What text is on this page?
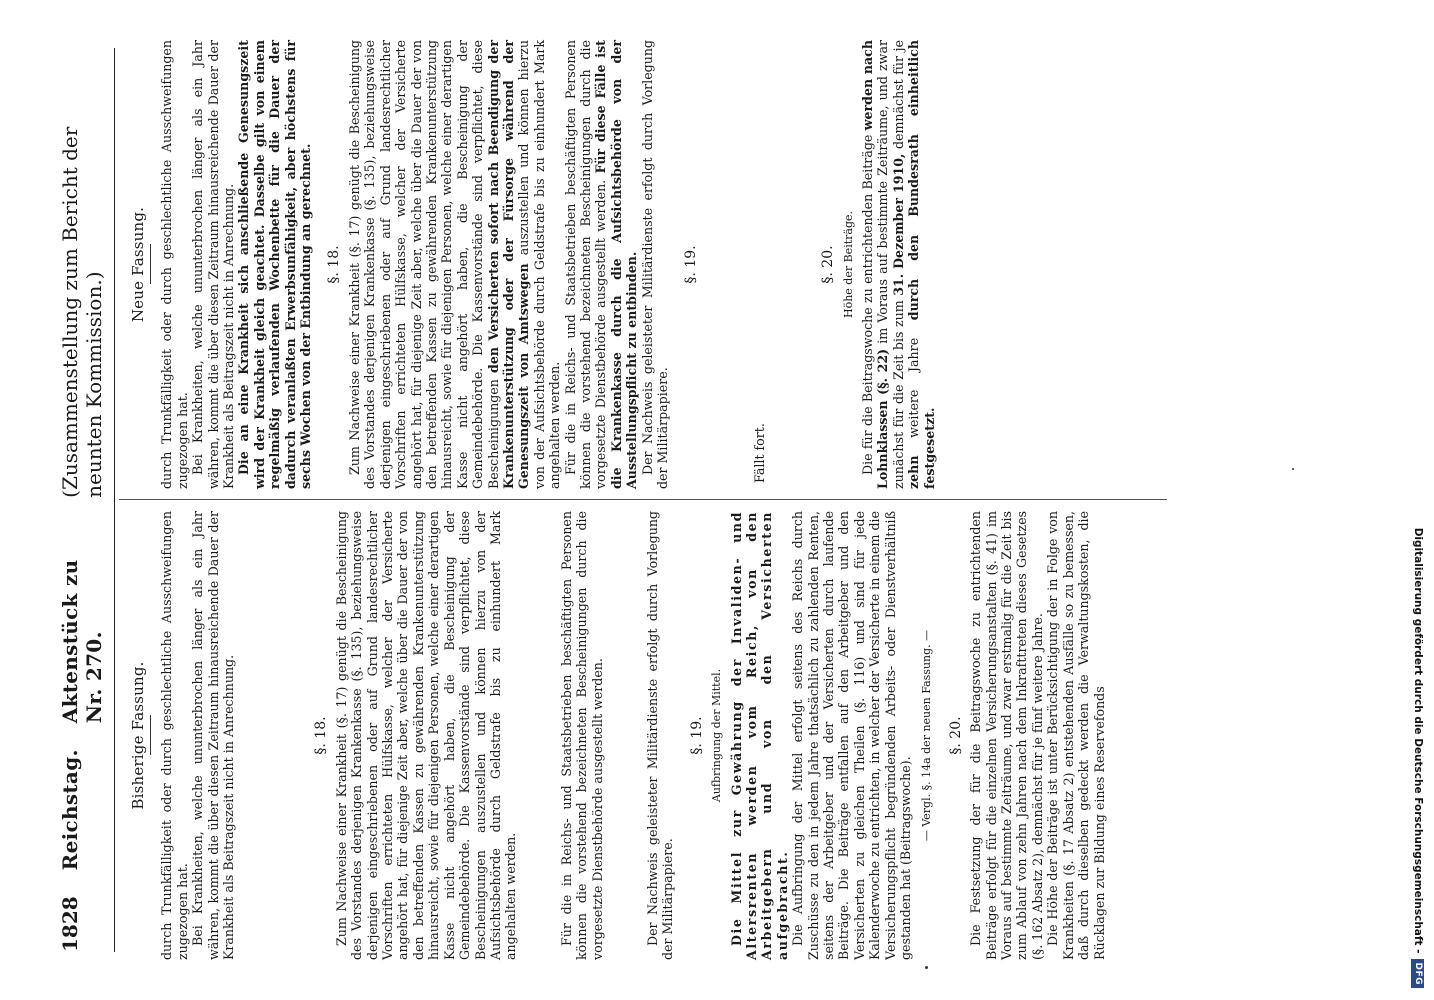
1828
Reichstag.
Aktenstück zu Nr. 270.
(Zusammenstellung zum Bericht der neunten Kommission.)
Bisherige Fassung. durch Trunkfälligkeit oder durch geschlechtliche Ausschweifungen zugezogen hat. Bei Krankheiten, welche ununterbrochen länger als ein Jahr währen, kommt die über diesen Zeitraum hinausreichende Dauer der Krankheit als Beitragszeit nicht in Anrechnung.	§. 18. Zum Nachweise einer Krankheit (§. 17) genügt die Bescheinigung des Vorstandes derjenigen Krankenkasse (§. 135), beziehungsweise derjenigen eingeschriebenen oder auf Grund landesrechtlicher Vorschriften errichteten Hülfskasse, welcher der Versicherte angehört hat, für diejenige Zeit aber, welche über die Dauer der von den betreffenden Kassen zu gewährenden Krankenunterstützung hinausreicht, sowie für diejenigen Personen, welche einer derartigen Kasse nicht angehört haben, die Bescheinigung der Gemeindebehörde. Die Kassenvorstände sind verpflichtet, diese Bescheinigungen auszustellen und können hierzu von der Aufsichtsbehörde durch Geldstrafe bis zu einhundert Mark angehalten werden.	Für die in Reichs- und Staatsbetrieben beschäftigten Personen können die vorstehend bezeichneten Bescheinigungen durch die vorgesetzte Dienstbehörde ausgestellt werden.	Der Nachweis geleisteter Militärdienste erfolgt durch Vorlegung der Militärpapiere.

§. 19. Aufbringung der Mittel. Die Mittel zur Gewährung der Invaliden- und Altersrenten werden vom Reich, von den Arbeitgebern und von den Versicherten aufgebracht. Die Aufbringung der Mittel erfolgt seitens des Reichs durch Zuschüsse zu den in jedem Jahre thatsächlich zu zahlenden Renten, seitens der Arbeitgeber und der Versicherten durch laufende Beiträge. Die Beiträge entfallen auf den Arbeitgeber und den Versicherten zu gleichen Theilen (§. 116) und sind für jede Kalenderwoche zu entrichten, in welcher der Versicherte in einem die Versicherungspflicht begründenden Arbeits- oder Dienstverhältniß gestanden hat (Beitragswoche).

— Vergl. §. 14a der neuen Fassung. — §. 20. Die Festsetzung der für die Beitragswoche zu entrichtenden Beiträge erfolgt für die einzelnen Versicherungsanstalten (§. 41) im Voraus auf bestimmte Zeiträume, und zwar erstmalig für die Zeit bis zum Ablauf von zehn Jahren nach dem Inkrafttreten dieses Gesetzes (§. 162 Absatz 2), demnächst für je fünf weitere Jahre. Die Höhe der Beiträge ist unter Berücksichtigung der in Folge von Krankheiten (§. 17 Absatz 2) entstehenden Ausfälle so zu bemessen, daß durch dieselben gedeckt werden die Verwaltungskosten, die Rücklagen zur Bildung eines Reservefonds

Neue Fassung. durch Trunkfälligkeit oder durch geschlechtliche Ausschweifungen zugezogen hat. Bei Krankheiten, welche ununterbrochen länger als ein Jahr währen, kommt die über diesen Zeitraum hinausreichende Dauer der Krankheit als Beitragszeit nicht in Anrechnung. Die an eine Krankheit sich anschließende Genesungszeit wird der Krankheit gleich geachtet. Dasselbe gilt von einem regelmäßig verlaufenden Wochenbette für die Dauer der dadurch veranlaßten Erwerbsunfähigkeit, aber höchstens für sechs Wochen von der Entbindung an gerechnet. §. 18. Zum Nachweise einer Krankheit (§. 17) genügt die Bescheinigung des Vorstandes derjenigen Krankenkasse (§. 135), beziehungsweise derjenigen eingeschriebenen oder auf Grund landesrechtlicher Vorschriften errichteten Hülfskasse, welcher der Versicherte angehört hat, für diejenige Zeit aber, welche über die Dauer der von den betreffenden Kassen zu gewährenden Krankenunterstützung hinausreicht, sowie für diejenigen Personen, welche einer derartigen Kasse nicht angehört haben, die Bescheinigung der Gemeindebehörde. Die Kassenvorstände sind verpflichtet, diese Bescheinigungen den Versicherten sofort nach Beendigung der Krankenunterstützung oder der Fürsorge während der Genesungszeit von Amtswegen auszustellen und können hierzu von der Aufsichtsbehörde durch Geldstrafe bis zu einhundert Mark angehalten werden. Für die in Reichs- und Staatsbetrieben beschäftigten Personen können die vorstehend bezeichneten Bescheinigungen durch die vorgesetzte Dienstbehörde ausgestellt werden. Für diese Fälle ist die Krankenkasse durch die Aufsichtsbehörde von der Ausstellungspflicht zu entbinden. Der Nachweis geleisteter Militärdienste erfolgt durch Vorlegung der Militärpapiere.

§. 19.

Fällt fort.

§. 20. Höhe der Beiträge. Die für die Beitragswoche zu entrichtenden Beiträge werden nach Lohnklassen (§. 22) im Voraus auf bestimmte Zeiträume, und zwar zunächst für die Zeit bis zum 31. Dezember 1910, demnächst für je zehn weitere Jahre durch den Bundesrath einheitlich festgesetzt.

Digitalisierung gefördert durch die Deutsche Forschungsgemeinschaft -
DFG
